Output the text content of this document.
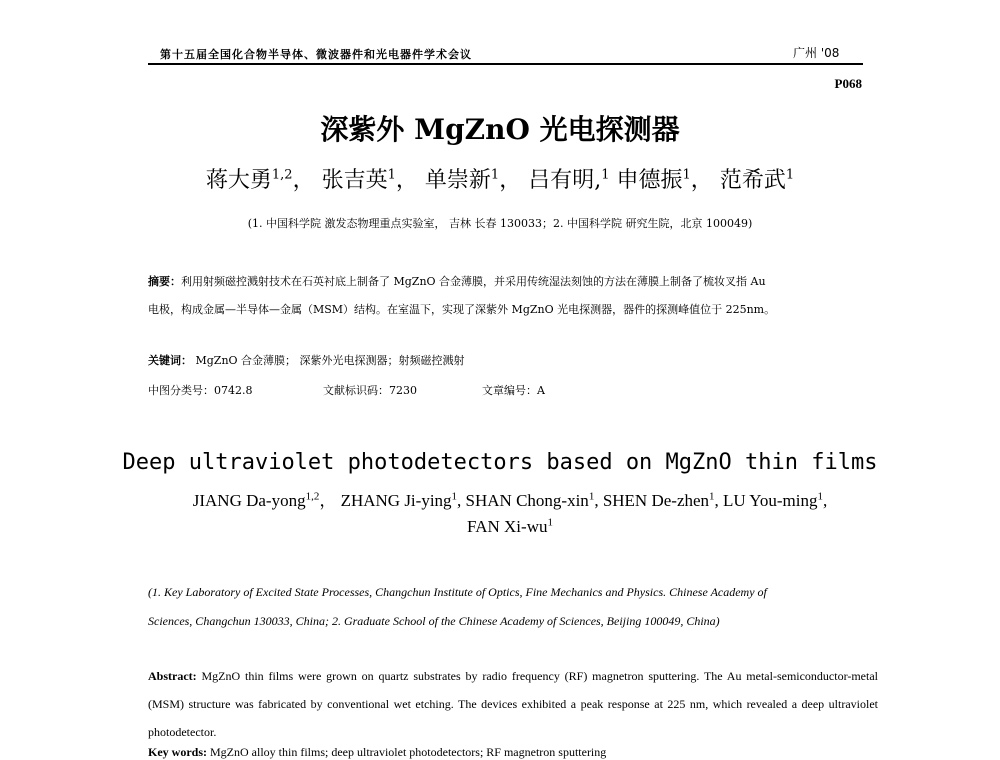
第十五届全国化合物半导体、微波器件和光电器件学术会议	广州 '08
P068
深紫外 MgZnO 光电探测器
蒋大勇$^{1,2}$， 张吉英$^1$， 单崇新$^1$， 吕有明,$^1$ 申德振$^1$， 范希武$^1$
(1. 中国科学院 激发态物理重点实验室， 吉林 长春 130033；2. 中国科学院 研究生院，北京 100049)
摘要：利用射频磁控溅射技术在石英衬底上制备了 MgZnO 合金薄膜，并采用传统湿法刻蚀的方法在薄膜上制备了梳妆叉指 Au
电极，构成金属—半导体—金属（MSM）结构。在室温下，实现了深紫外 MgZnO 光电探测器，器件的探测峰值位于 225nm。
关键词： MgZnO 合金薄膜； 深紫外光电探测器；射频磁控溅射
中图分类号：0742.8	文献标识码：7230	文章编号：A
Deep ultraviolet photodetectors based on MgZnO thin films
JIANG Da-yong$^{1,2}$， ZHANG Ji-ying$^1$, SHAN Chong-xin$^1$, SHEN De-zhen$^1$, LU You-ming$^1$,
FAN $Xi-wu^1$
(1. Key Laboratory of Excited State Processes, Changchun Institute of Optics, Fine Mechanics and Physics. Chinese Academy of
Sciences, Changchun 130033, China; 2. Graduate School of the Chinese Academy of Sciences, Beijing 100049, China)
Abstract: MgZnO thin films were grown on quartz substrates by radio frequency (RF) magnetron sputtering. The Au metal-semiconductor-metal (MSM) structure was fabricated by conventional wet etching. The devices exhibited a peak response at 225 nm, which revealed a deep ultraviolet photodetector.
Key words: MgZnO alloy thin films; deep ultraviolet photodetectors; RF magnetron sputtering
